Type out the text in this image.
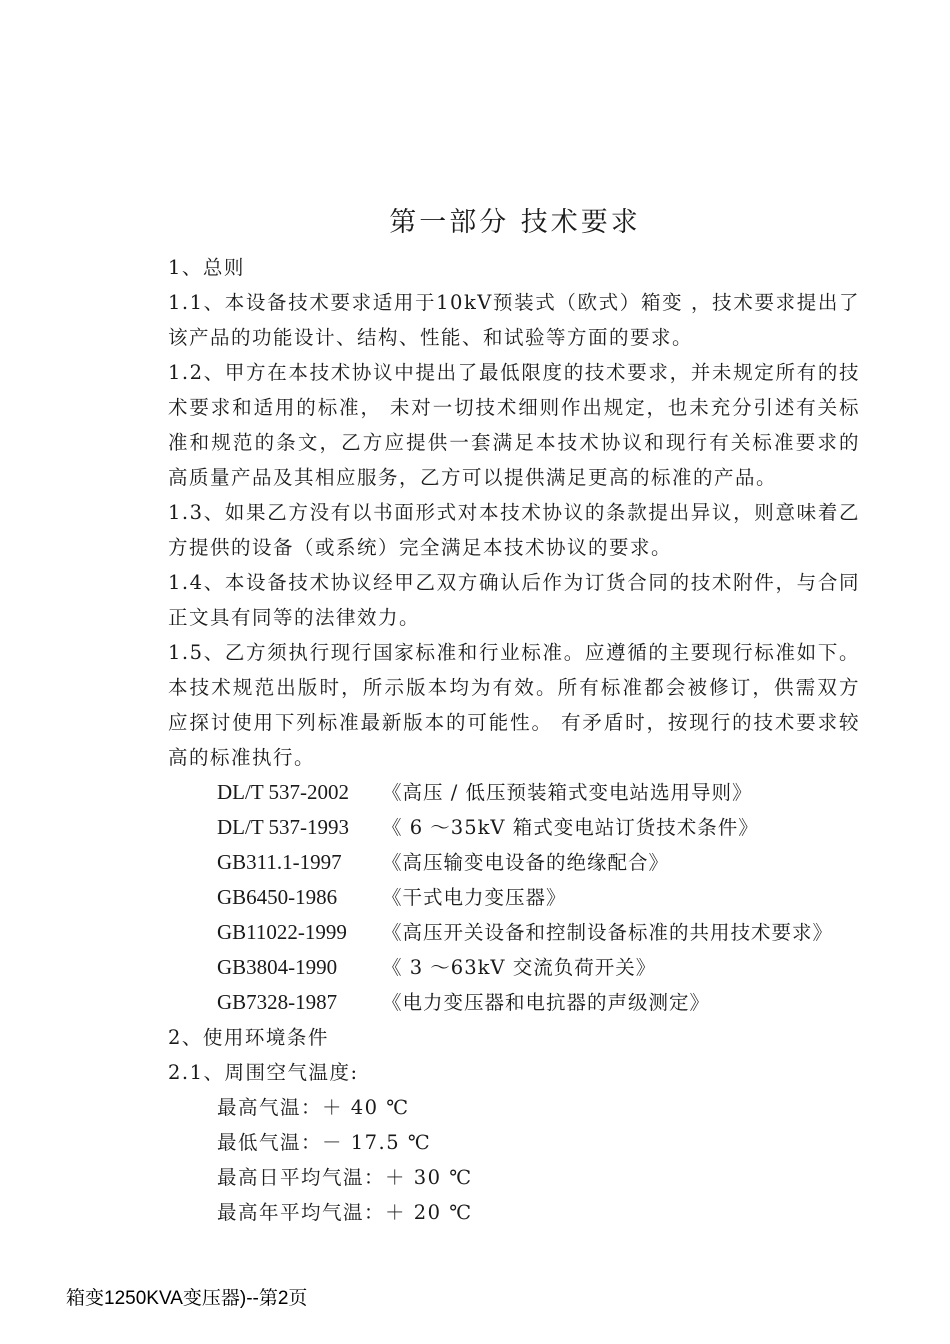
第一部分 技术要求

1、总则

1.1、本设备技术要求适用于10kV预装式（欧式）箱变 ，技术要求提出了该产品的功能设计、结构、性能、和试验等方面的要求。

1.2、甲方在本技术协议中提出了最低限度的技术要求，并未规定所有的技术要求和适用的标准， 未对一切技术细则作出规定，也未充分引述有关标准和规范的条文，乙方应提供一套满足本技术协议和现行有关标准要求的高质量产品及其相应服务，乙方可以提供满足更高的标准的产品。

1.3、如果乙方没有以书面形式对本技术协议的条款提出异议，则意味着乙方提供的设备（或系统）完全满足本技术协议的要求。

1.4、本设备技术协议经甲乙双方确认后作为订货合同的技术附件，与合同正文具有同等的法律效力。

1.5、乙方须执行现行国家标准和行业标准。应遵循的主要现行标准如下。本技术规范出版时，所示版本均为有效。所有标准都会被修订，供需双方应探讨使用下列标准最新版本的可能性。 有矛盾时，按现行的技术要求较高的标准执行。

DL/T 537-2002	《高压 / 低压预装箱式变电站选用导则》
DL/T 537-1993	《 6 ～35kV 箱式变电站订货技术条件》
GB311.1-1997	《高压输变电设备的绝缘配合》
GB6450-1986	《干式电力变压器》
GB11022-1999	《高压开关设备和控制设备标准的共用技术要求》
GB3804-1990	《 3 ～63kV 交流负荷开关》
GB7328-1987	《电力变压器和电抗器的声级测定》

2、使用环境条件

2.1、周围空气温度:

最高气温：＋ 40 ℃

最低气温：－ 17.5 ℃

最高日平均气温：＋ 30 ℃

最高年平均气温：＋ 20 ℃

箱变1250KVA变压器)--第2页
